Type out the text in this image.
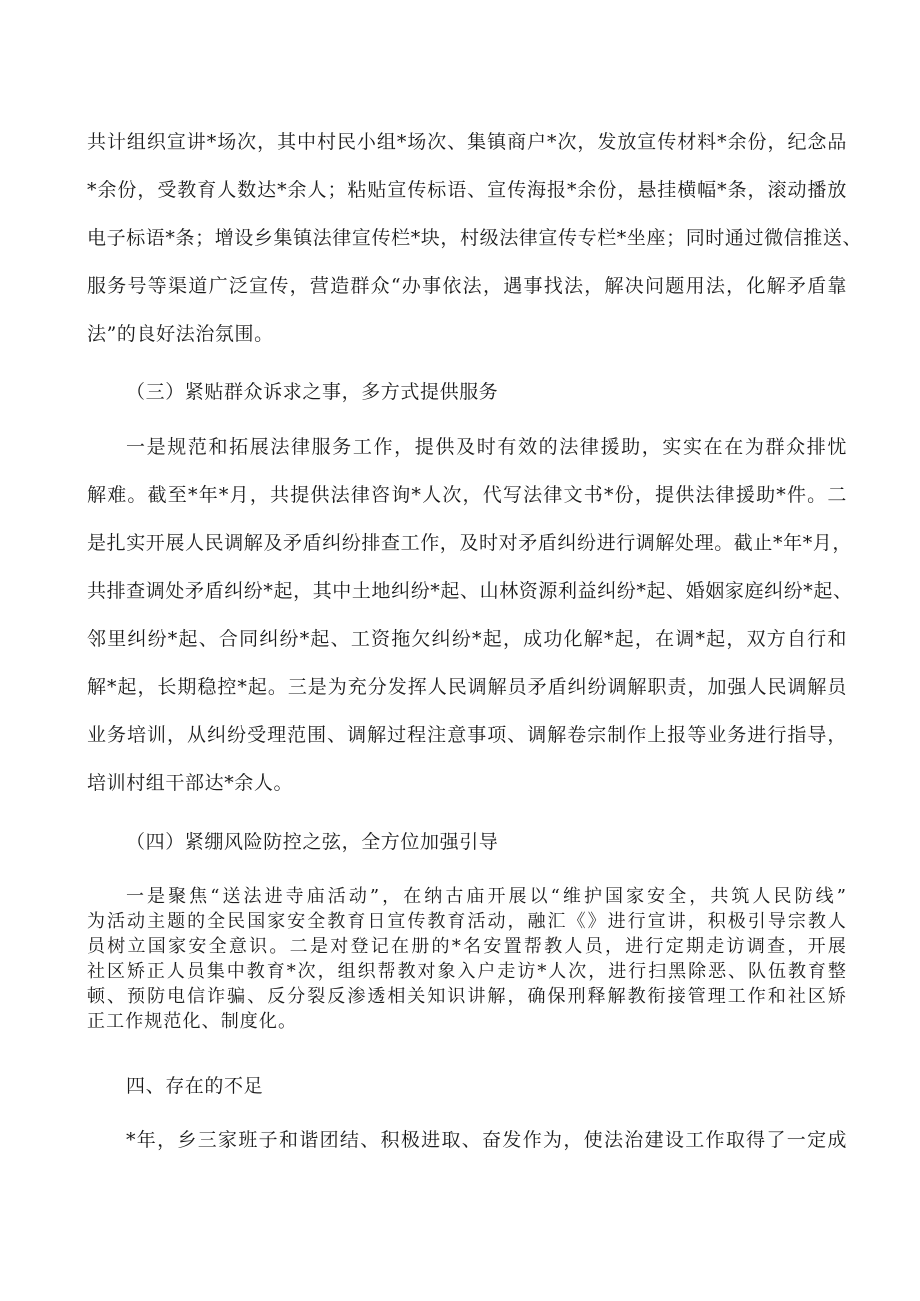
共计组织宣讲*场次，其中村民小组*场次、集镇商户*次，发放宣传材料*余份，纪念品
*余份，受教育人数达*余人；粘贴宣传标语、宣传海报*余份，悬挂横幅*条，滚动播放
电子标语*条；增设乡集镇法律宣传栏*块，村级法律宣传专栏*坐座；同时通过微信推送、
服务号等渠道广泛宣传，营造群众“办事依法，遇事找法，解决问题用法，化解矛盾靠
法”的良好法治氛围。
（三）紧贴群众诉求之事，多方式提供服务
一是规范和拓展法律服务工作，提供及时有效的法律援助，实实在在为群众排忧
解难。截至*年*月，共提供法律咨询*人次，代写法律文书*份，提供法律援助*件。二
是扎实开展人民调解及矛盾纠纷排查工作，及时对矛盾纠纷进行调解处理。截止*年*月，
共排查调处矛盾纠纷*起，其中土地纠纷*起、山林资源利益纠纷*起、婚姻家庭纠纷*起、
邻里纠纷*起、合同纠纷*起、工资拖欠纠纷*起，成功化解*起，在调*起，双方自行和
解*起，长期稳控*起。三是为充分发挥人民调解员矛盾纠纷调解职责，加强人民调解员
业务培训，从纠纷受理范围、调解过程注意事项、调解卷宗制作上报等业务进行指导，
培训村组干部达*余人。
（四）紧绷风险防控之弦，全方位加强引导
一是聚焦“送法进寺庙活动”，在纳古庙开展以“维护国家安全，共筑人民防线”
为活动主题的全民国家安全教育日宣传教育活动，融汇《》进行宣讲，积极引导宗教人
员树立国家安全意识。二是对登记在册的*名安置帮教人员，进行定期走访调查，开展
社区矫正人员集中教育*次，组织帮教对象入户走访*人次，进行扫黑除恶、队伍教育整
顿、预防电信诈骗、反分裂反渗透相关知识讲解，确保刑释解教衔接管理工作和社区矫
正工作规范化、制度化。
四、存在的不足
*年，乡三家班子和谐团结、积极进取、奋发作为，使法治建设工作取得了一定成
